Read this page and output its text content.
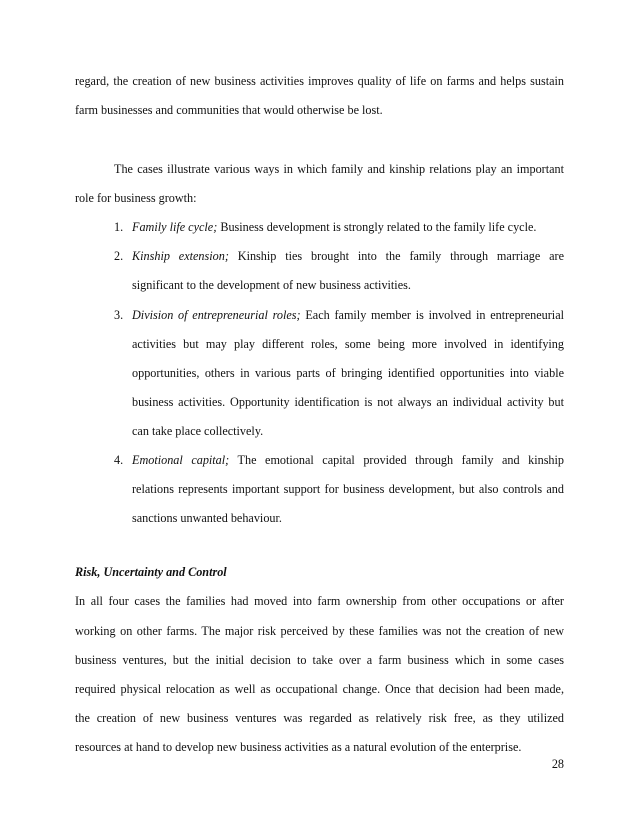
regard, the creation of new business activities improves quality of life on farms and helps sustain
farm businesses and communities that would otherwise be lost.
The cases illustrate various ways in which family and kinship relations play an important
role for business growth:
1. Family life cycle; Business development is strongly related to the family life cycle.
2. Kinship extension; Kinship ties brought into the family through marriage are
significant to the development of new business activities.
3. Division of entrepreneurial roles; Each family member is involved in entrepreneurial
activities but may play different roles, some being more involved in identifying
opportunities, others in various parts of bringing identified opportunities into viable
business activities. Opportunity identification is not always an individual activity but
can take place collectively.
4. Emotional capital; The emotional capital provided through family and kinship
relations represents important support for business development, but also controls and
sanctions unwanted behaviour.
Risk, Uncertainty and Control
In all four cases the families had moved into farm ownership from other occupations or after
working on other farms. The major risk perceived by these families was not the creation of new
business ventures, but the initial decision to take over a farm business which in some cases
required physical relocation as well as occupational change. Once that decision had been made,
the creation of new business ventures was regarded as relatively risk free, as they utilized
resources at hand to develop new business activities as a natural evolution of the enterprise.
28
